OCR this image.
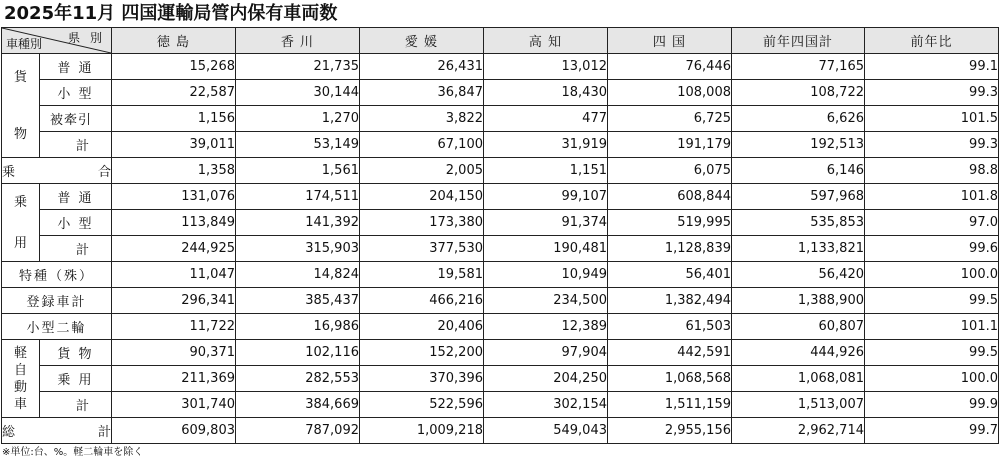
2025年11月 四国運輸局管内保有車両数
県 別
車種別		徳 島	香 川	愛 媛	高 知	四 国	前年四国計	前年比

貨
物	普 通	15,268	21,735	26,431	13,012	76,446	77,165	99.1
	小 型	22,587	30,144	36,847	18,430	108,008	108,722	99.3
	被牽引	1,156	1,270	3,822	477	6,725	6,626	101.5
	計	39,011	53,149	67,100	31,919	191,179	192,513	99.3
乗合		1,358	1,561	2,005	1,151	6,075	6,146	98.8

乗
用	普 通	131,076	174,511	204,150	99,107	608,844	597,968	101.8
	小 型	113,849	141,392	173,380	91,374	519,995	535,853	97.0
	計	244,925	315,903	377,530	190,481	1,128,839	1,133,821	99.6
特種（殊）		11,047	14,824	19,581	10,949	56,401	56,420	100.0
登録車計		296,341	385,437	466,216	234,500	1,382,494	1,388,900	99.5
小型二輪		11,722	16,986	20,406	12,389	61,503	60,807	101.1

軽
自
動
車	貨 物	90,371	102,116	152,200	97,904	442,591	444,926	99.5
	乗 用	211,369	282,553	370,396	204,250	1,068,568	1,068,081	100.0
	計	301,740	384,669	522,596	302,154	1,511,159	1,513,007	99.9
総計		609,803	787,092	1,009,218	549,043	2,955,156	2,962,714	99.7
※単位:台、%。軽二輪車を除く
